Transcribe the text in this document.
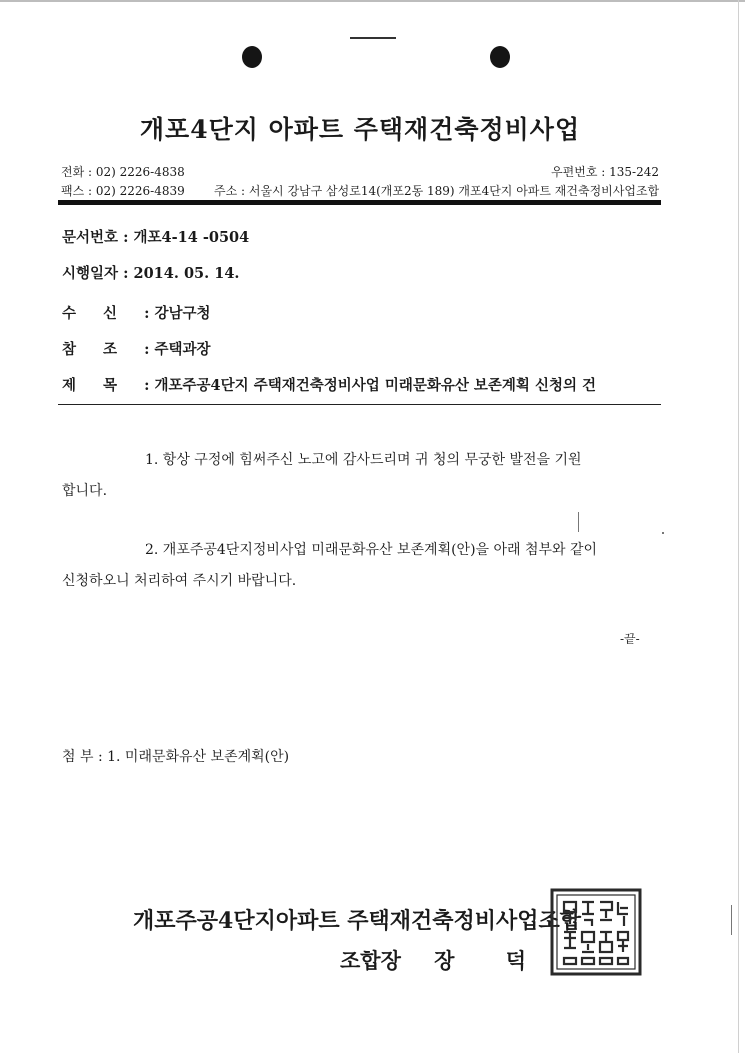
개포4단지 아파트 주택재건축정비사업
전화 : 02) 2226-4838	우편번호 : 135-242
팩스 : 02) 2226-4839 주소 : 서울시 강남구 삼성로14(개포2동 189) 개포4단지 아파트 재건축정비사업조합
문서번호 : 개포4-14 -0504
시행일자 : 2014. 05. 14.
수 신 : 강남구청
참 조 : 주택과장
제 목 : 개포주공4단지 주택재건축정비사업 미래문화유산 보존계획 신청의 건
1. 항상 구정에 힘써주신 노고에 감사드리며 귀 청의 무궁한 발전을 기원
합니다.
2. 개포주공4단지정비사업 미래문화유산 보존계획(안)을 아래 첨부와 같이
신청하오니 처리하여 주시기 바랍니다.
-끝-
첨 부 : 1. 미래문화유산 보존계획(안)
개포주공4단지아파트 주택재건축정비사업조합
조합장 장 덕
